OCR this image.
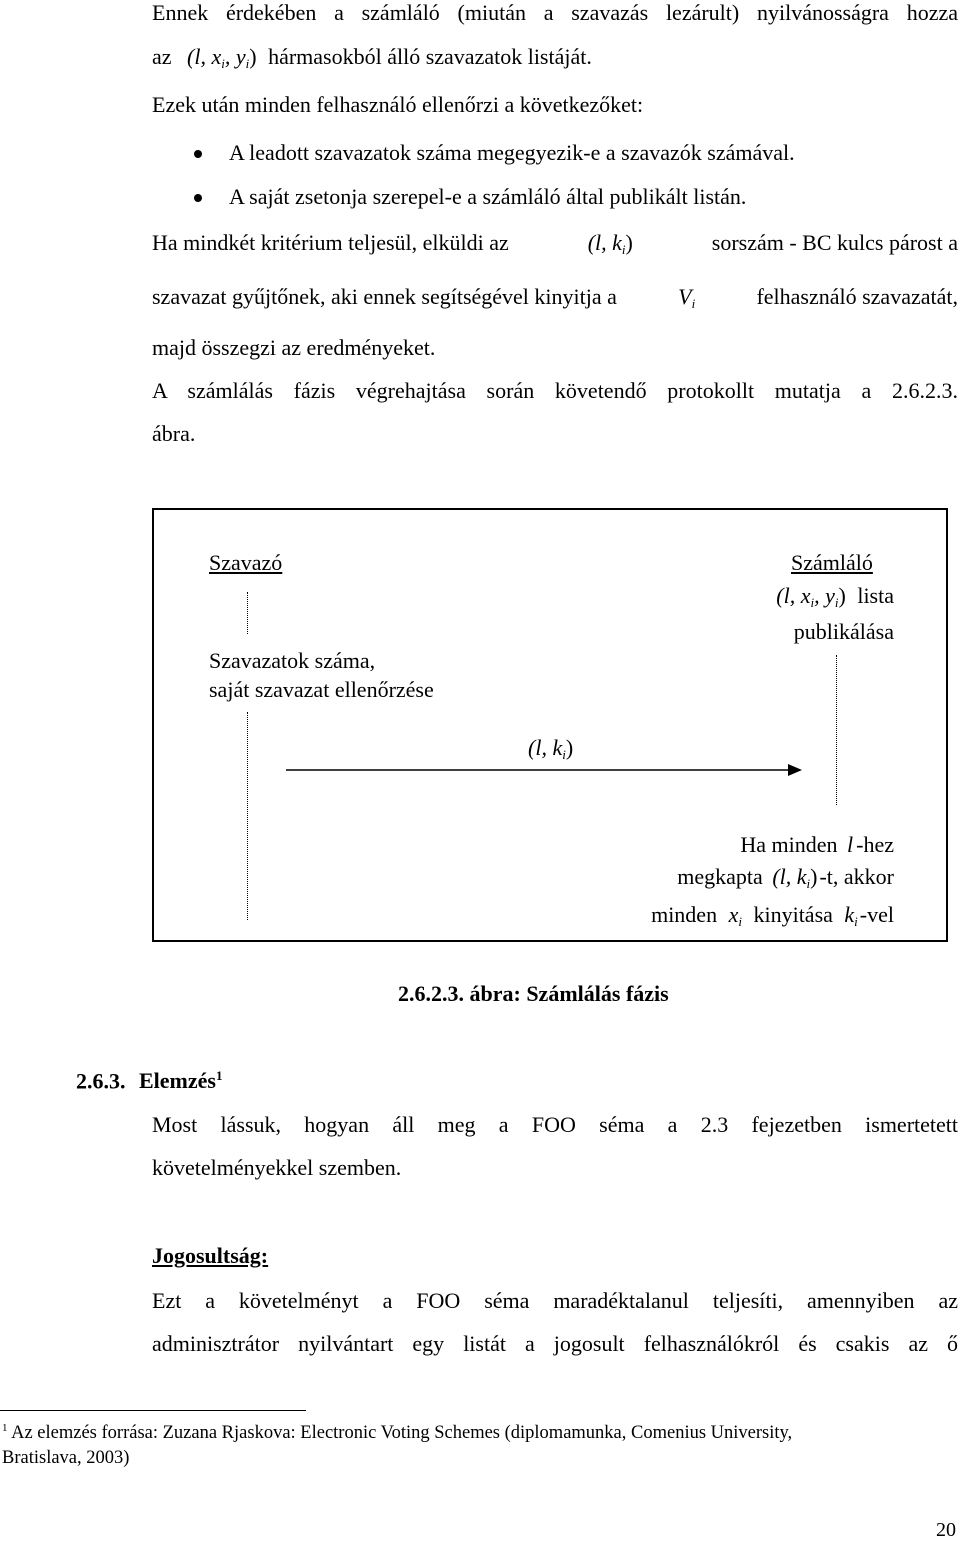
Ennek érdekében a számláló (miután a szavazás lezárult) nyilvánosságra hozza
az (l, $x_i$, $y_i$) hármasokból álló szavazatok listáját.
Ezek után minden felhasználó ellenőrzi a következőket:
A leadott szavazatok száma megegyezik-e a szavazók számával.
A saját zsetonja szerepel-e a számláló által publikált listán.
Ha mindkét kritérium teljesül, elküldi az	(l, $k_i$)	sorszám - BC kulcs párost a
szavazat gyűjtőnek, aki ennek segítségével kinyitja a	$V_i$	felhasználó szavazatát,
majd összegzi az eredményeket.
A számlálás fázis végrehajtása során követendő protokollt mutatja a 2.6.2.3.
ábra.
Szavazó	Számláló
(l, $x_i$, $y_i$) lista
publikálása
Szavazatok száma,
saját szavazat ellenőrzése
(l, $k_i$)
Ha minden l -hez
megkapta (l, $k_i)-t$, akkor
minden $x_i$ kinyitása $k_i$-vel
2.6.2.3. ábra: Számlálás fázis
2.6.3. Elemzés$^1$
Most lássuk, hogyan áll meg a FOO séma a 2.3 fejezetben ismertetett
követelményekkel szemben.
Jogosultság:
Ezt a követelményt a FOO séma maradéktalanul teljesíti, amennyiben az
adminisztrátor nyilvántart egy listát a jogosult felhasználókról és csakis az ő
$^1$ Az elemzés forrása: Zuzana Rjaskova: Electronic Voting Schemes (diplomamunka, Comenius University,
Bratislava, 2003)
20
